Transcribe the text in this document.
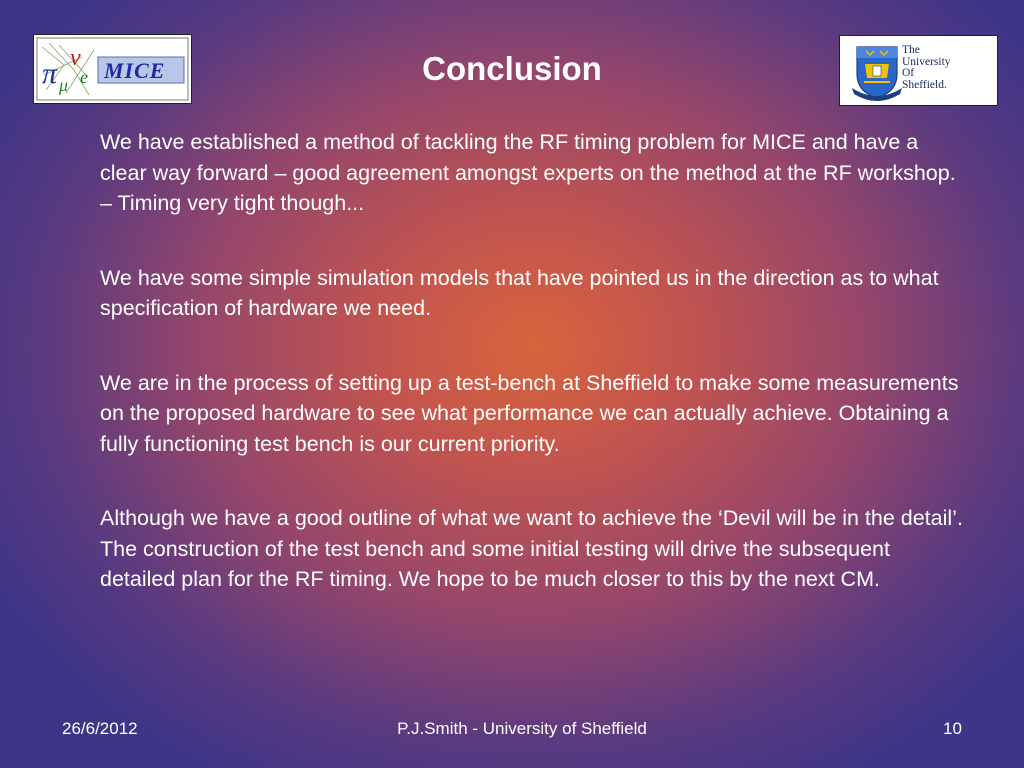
π μ
ν
e MICE	Conclusion	The
University
Of
Sheffield.

We have established a method of tackling the RF timing problem for MICE and have a clear way forward – good agreement amongst experts on the method at the RF workshop. – Timing very tight though...

We have some simple simulation models that have pointed us in the direction as to what specification of hardware we need.

We are in the process of setting up a test-bench at Sheffield to make some measurements on the proposed hardware to see what performance we can actually achieve. Obtaining a fully functioning test bench is our current priority.

Although we have a good outline of what we want to achieve the ‘Devil will be in the detail’. The construction of the test bench and some initial testing will drive the subsequent detailed plan for the RF timing. We hope to be much closer to this by the next CM.

26/6/2012	P.J.Smith - University of Sheffield	10
